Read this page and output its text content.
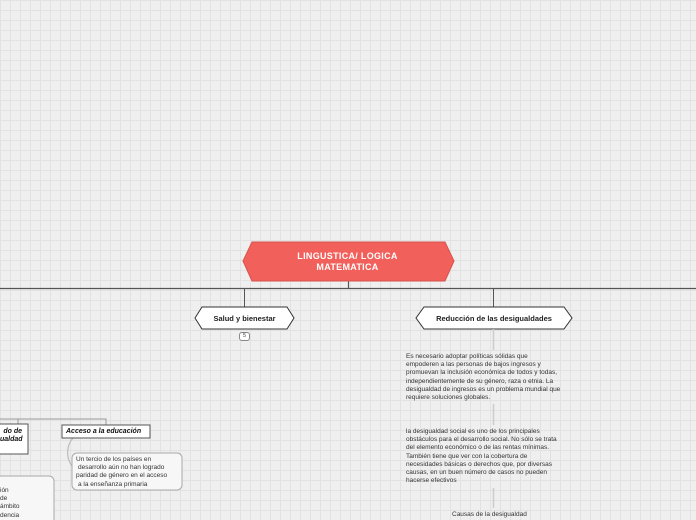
LINGUSTICA/ LOGICA
MATEMATICA
Salud y bienestar
5
Reducción de las desigualdades
Es necesario adoptar políticas sólidas que
empoderen a las personas de bajos ingresos y
promuevan la inclusión económica de todos y todas,
independientemente de su género, raza o etnia. La
desigualdad de ingresos es un problema mundial que
requiere soluciones globales.
la desigualdad social es uno de los principales
obstáculos para el desarrollo social. No sólo se trata
del elemento económico o de las rentas mínimas.
También tiene que ver con la cobertura de
necesidades básicas o derechos que, por diversas
causas, en un buen número de casos no pueden
hacerse efectivos
Causas de la desigualdad
do de
ualdad
Acceso a la educación
Un tercio de los países en
desarrollo aún no han logrado
paridad de género en el acceso
a la enseñanza primaria
ión
de
ámbito
dencia
